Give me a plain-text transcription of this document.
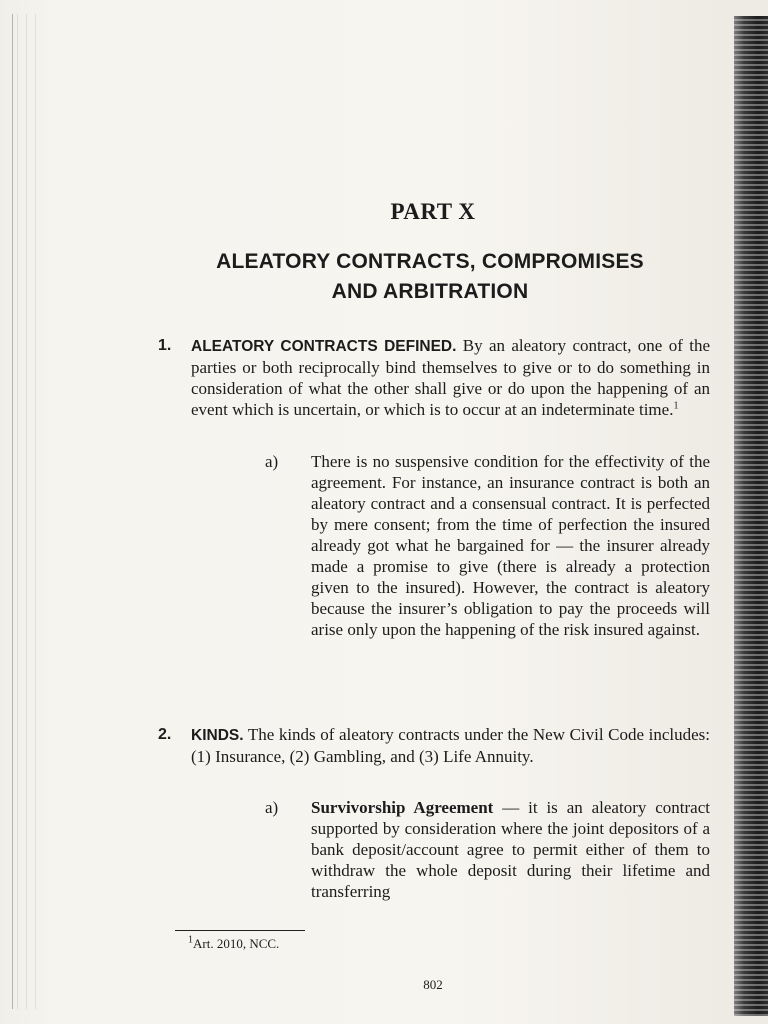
PART X
ALEATORY CONTRACTS, COMPROMISES
AND ARBITRATION
1. ALEATORY CONTRACTS DEFINED. By an aleatory contract, one of the parties or both reciprocally bind themselves to give or to do something in consideration of what the other shall give or do upon the happening of an event which is uncertain, or which is to occur at an indeterminate time.$^1$
a) There is no suspensive condition for the effectivity of the agreement. For instance, an insurance contract is both an aleatory contract and a consensual contract. It is perfected by mere consent; from the time of perfection the insured already got what he bargained for — the insurer already made a promise to give (there is already a protection given to the insured). However, the contract is aleatory because the insurer’s obligation to pay the proceeds will arise only upon the happening of the risk insured against.
2. KINDS. The kinds of aleatory contracts under the New Civil Code includes: (1) Insurance, (2) Gambling, and (3) Life Annuity.
a) Survivorship Agreement — it is an aleatory contract supported by consideration where the joint depositors of a bank deposit/account agree to permit either of them to withdraw the whole deposit during their lifetime and transferring
$^1$Art. 2010, NCC.
802
